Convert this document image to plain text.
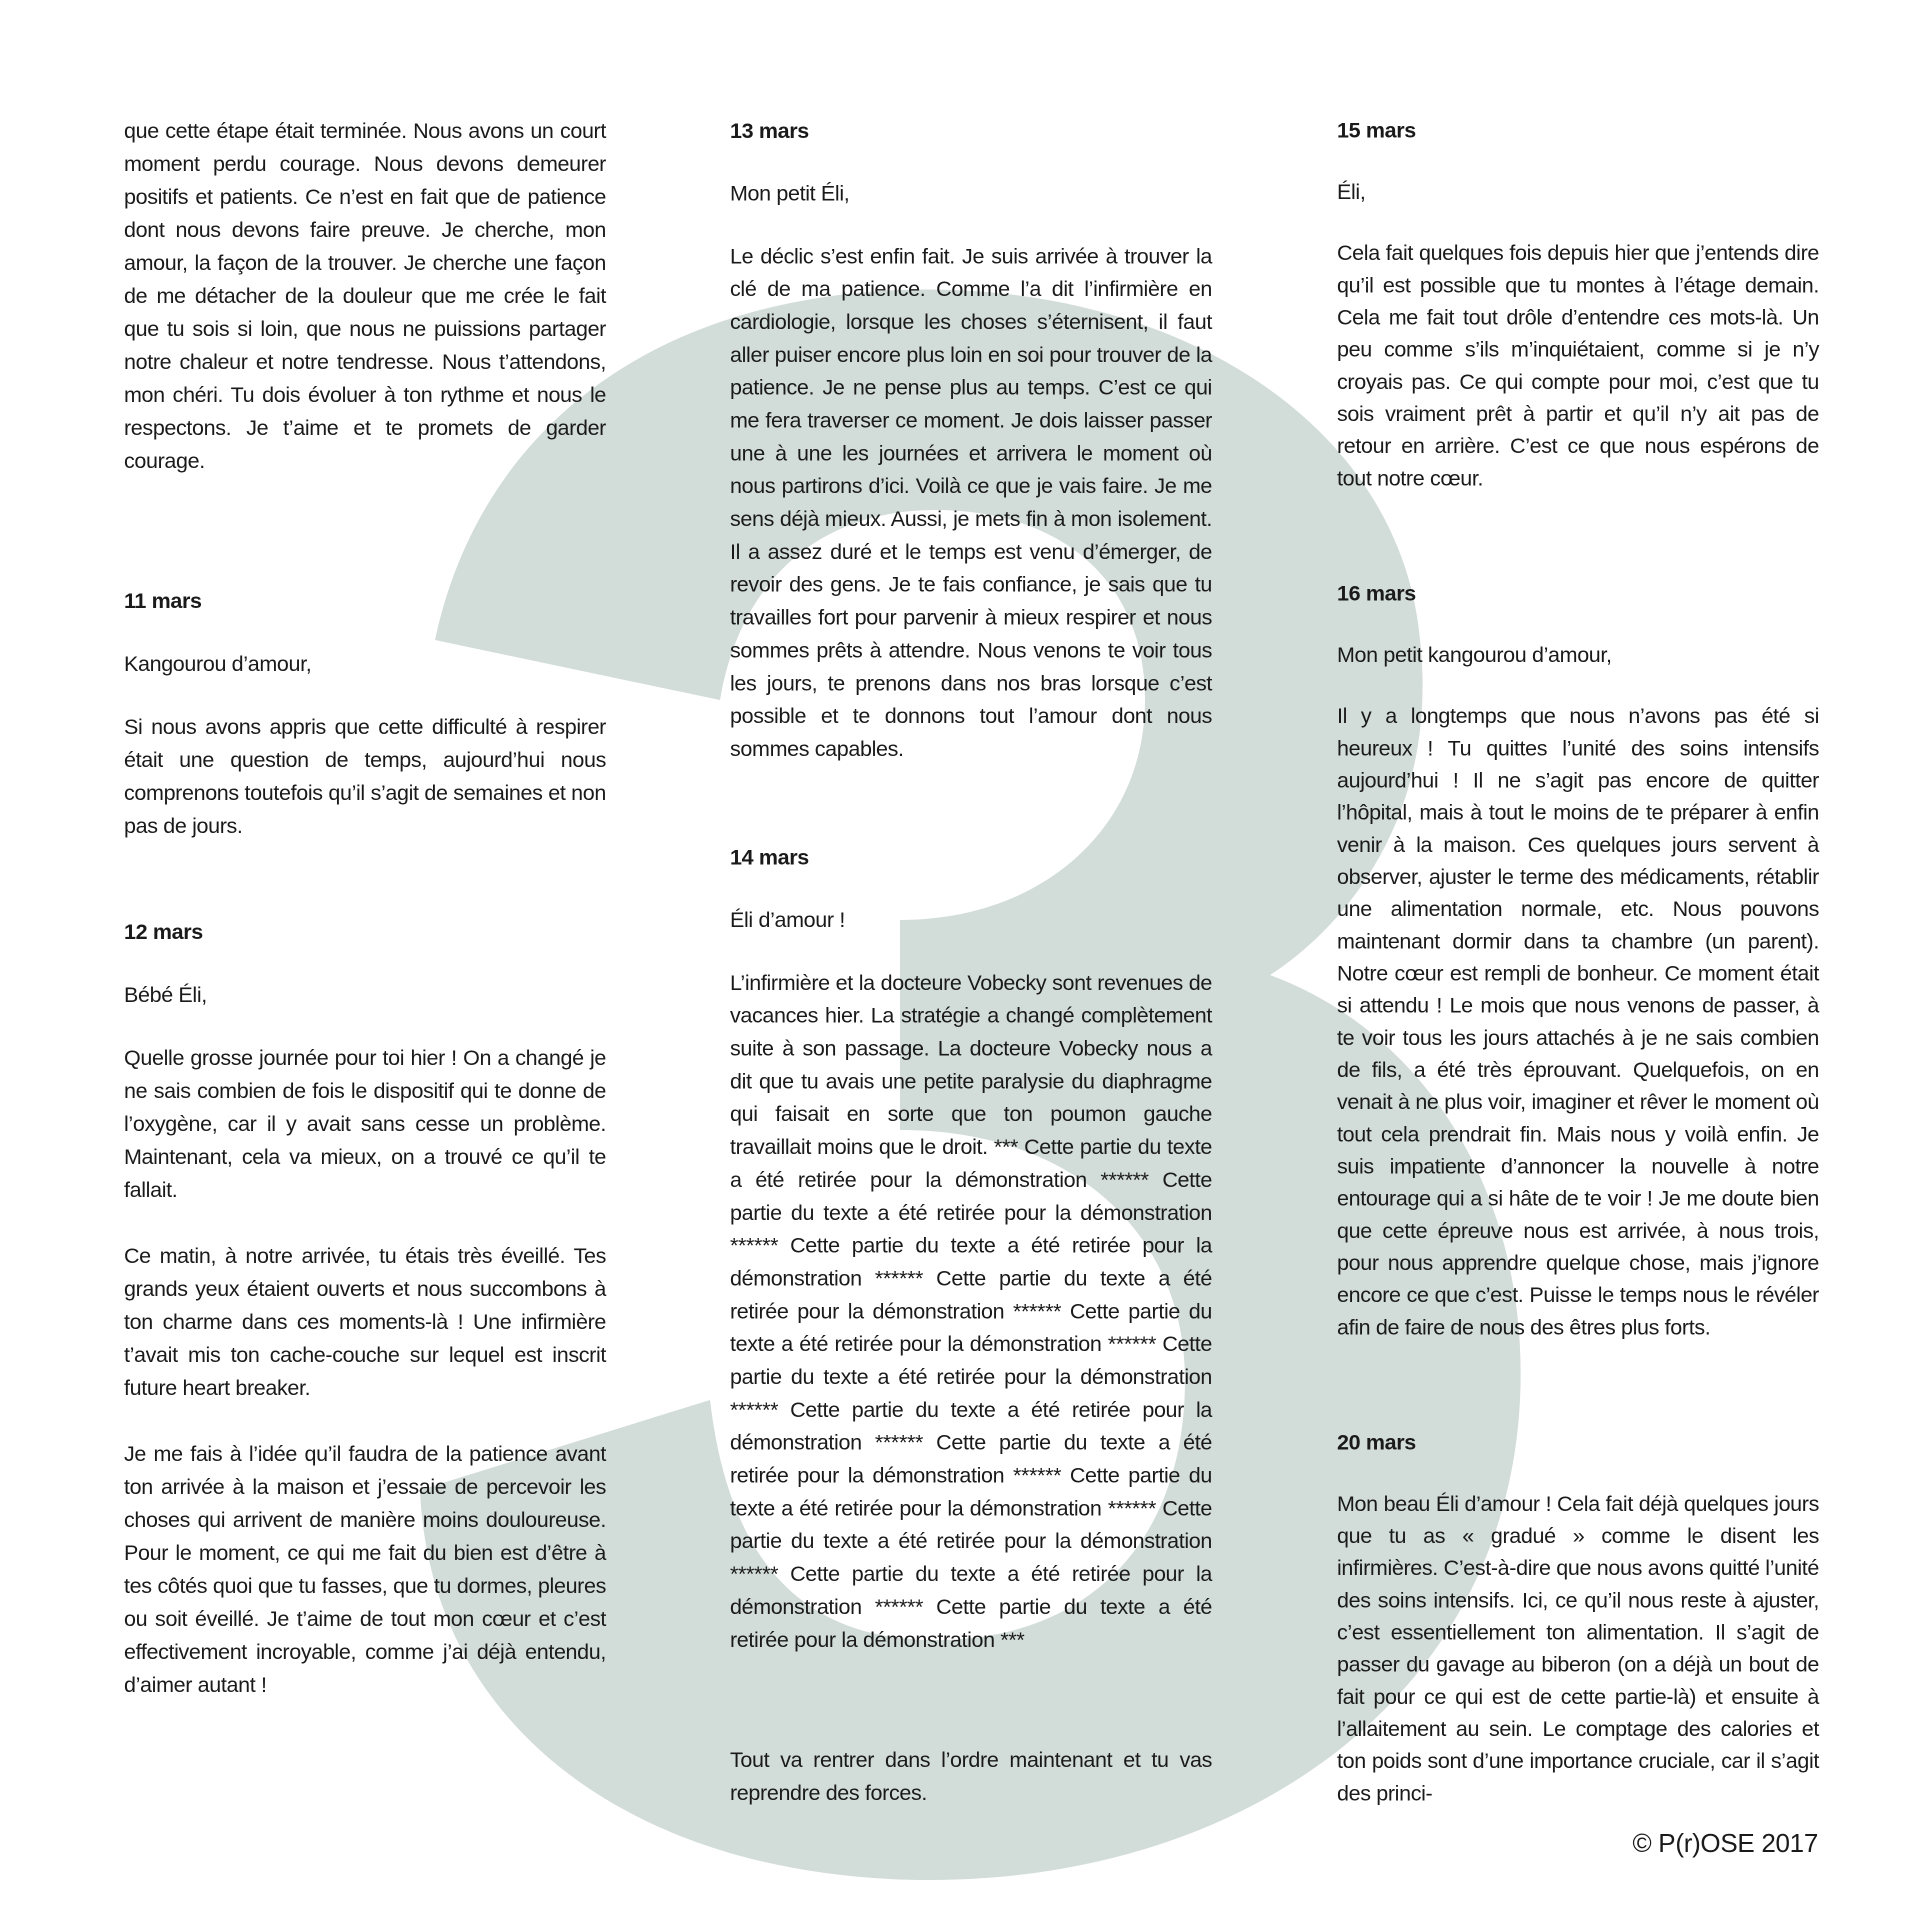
que cette étape était terminée. Nous avons un court moment perdu courage. Nous devons demeurer positifs et patients. Ce n’est en fait que de patience dont nous devons faire preuve. Je cherche, mon amour, la façon de la trouver. Je cherche une façon de me détacher de la douleur que me crée le fait que tu sois si loin, que nous ne puissions partager notre chaleur et notre tendresse. Nous t’attendons, mon chéri. Tu dois évoluer à ton rythme et nous le respectons. Je t’aime et te promets de garder courage.

11 mars

Kangourou d’amour,

Si nous avons appris que cette difficulté à respirer était une question de temps, aujourd’hui nous comprenons toutefois qu’il s’agit de semaines et non pas de jours.

12 mars

Bébé Éli,

Quelle grosse journée pour toi hier ! On a changé je ne sais combien de fois le dispositif qui te donne de l’oxygène, car il y avait sans cesse un problème. Maintenant, cela va mieux, on a trouvé ce qu’il te fallait.

Ce matin, à notre arrivée, tu étais très éveillé. Tes grands yeux étaient ouverts et nous succombons à ton charme dans ces moments-là ! Une infirmière t’avait mis ton cache-couche sur lequel est inscrit future heart breaker.

Je me fais à l’idée qu’il faudra de la patience avant ton arrivée à la maison et j’essaie de percevoir les choses qui arrivent de manière moins douloureuse. Pour le moment, ce qui me fait du bien est d’être à tes côtés quoi que tu fasses, que tu dormes, pleures ou soit éveillé. Je t’aime de tout mon cœur et c’est effectivement incroyable, comme j’ai déjà entendu, d’aimer autant !

13 mars

Mon petit Éli,

Le déclic s’est enfin fait. Je suis arrivée à trouver la clé de ma patience. Comme l’a dit l’infirmière en cardiologie, lorsque les choses s’éternisent, il faut aller puiser encore plus loin en soi pour trouver de la patience. Je ne pense plus au temps. C’est ce qui me fera traverser ce moment. Je dois laisser passer une à une les journées et arrivera le moment où nous partirons d’ici. Voilà ce que je vais faire. Je me sens déjà mieux. Aussi, je mets fin à mon isolement. Il a assez duré et le temps est venu d’émerger, de revoir des gens. Je te fais confiance, je sais que tu travailles fort pour parvenir à mieux respirer et nous sommes prêts à attendre. Nous venons te voir tous les jours, te prenons dans nos bras lorsque c’est possible et te donnons tout l’amour dont nous sommes capables.

14 mars

Éli d’amour !

L’infirmière et la docteure Vobecky sont revenues de vacances hier. La stratégie a changé complètement suite à son passage. La docteure Vobecky nous a dit que tu avais une petite paralysie du diaphragme qui faisait en sorte que ton poumon gauche travaillait moins que le droit. *** Cette partie du texte a été retirée pour la démonstration ****** Cette partie du texte a été retirée pour la démonstration ****** Cette partie du texte a été retirée pour la démonstration ****** Cette partie du texte a été retirée pour la démonstration ****** Cette partie du texte a été retirée pour la démonstration ****** Cette partie du texte a été retirée pour la démonstration ****** Cette partie du texte a été retirée pour la démonstration ****** Cette partie du texte a été retirée pour la démonstration ****** Cette partie du texte a été retirée pour la démonstration ****** Cette partie du texte a été retirée pour la démonstration ****** Cette partie du texte a été retirée pour la démonstration ****** Cette partie du texte a été retirée pour la démonstration ***

Tout va rentrer dans l’ordre maintenant et tu vas reprendre des forces.

15 mars

Éli,

Cela fait quelques fois depuis hier que j’entends dire qu’il est possible que tu montes à l’étage demain. Cela me fait tout drôle d’entendre ces mots-là. Un peu comme s’ils m’inquiétaient, comme si je n’y croyais pas. Ce qui compte pour moi, c’est que tu sois vraiment prêt à partir et qu’il n’y ait pas de retour en arrière. C’est ce que nous espérons de tout notre cœur.

16 mars

Mon petit kangourou d’amour,

Il y a longtemps que nous n’avons pas été si heureux ! Tu quittes l’unité des soins intensifs aujourd’hui ! Il ne s’agit pas encore de quitter l’hôpital, mais à tout le moins de te préparer à enfin venir à la maison. Ces quelques jours servent à observer, ajuster le terme des médicaments, rétablir une alimentation normale, etc. Nous pouvons maintenant dormir dans ta chambre (un parent). Notre cœur est rempli de bonheur. Ce moment était si attendu ! Le mois que nous venons de passer, à te voir tous les jours attachés à je ne sais combien de fils, a été très éprouvant. Quelquefois, on en venait à ne plus voir, imaginer et rêver le moment où tout cela prendrait fin. Mais nous y voilà enfin. Je suis impatiente d’annoncer la nouvelle à notre entourage qui a si hâte de te voir ! Je me doute bien que cette épreuve nous est arrivée, à nous trois, pour nous apprendre quelque chose, mais j’ignore encore ce que c’est. Puisse le temps nous le révéler afin de faire de nous des êtres plus forts.

20 mars

Mon beau Éli d’amour ! Cela fait déjà quelques jours que tu as « gradué » comme le disent les infirmières. C’est-à-dire que nous avons quitté l’unité des soins intensifs. Ici, ce qu’il nous reste à ajuster, c’est essentiellement ton alimentation. Il s’agit de passer du gavage au biberon (on a déjà un bout de fait pour ce qui est de cette partie-là) et ensuite à l’allaitement au sein. Le comptage des calories et ton poids sont d’une importance cruciale, car il s’agit des princi-

© P(r)OSE 2017
